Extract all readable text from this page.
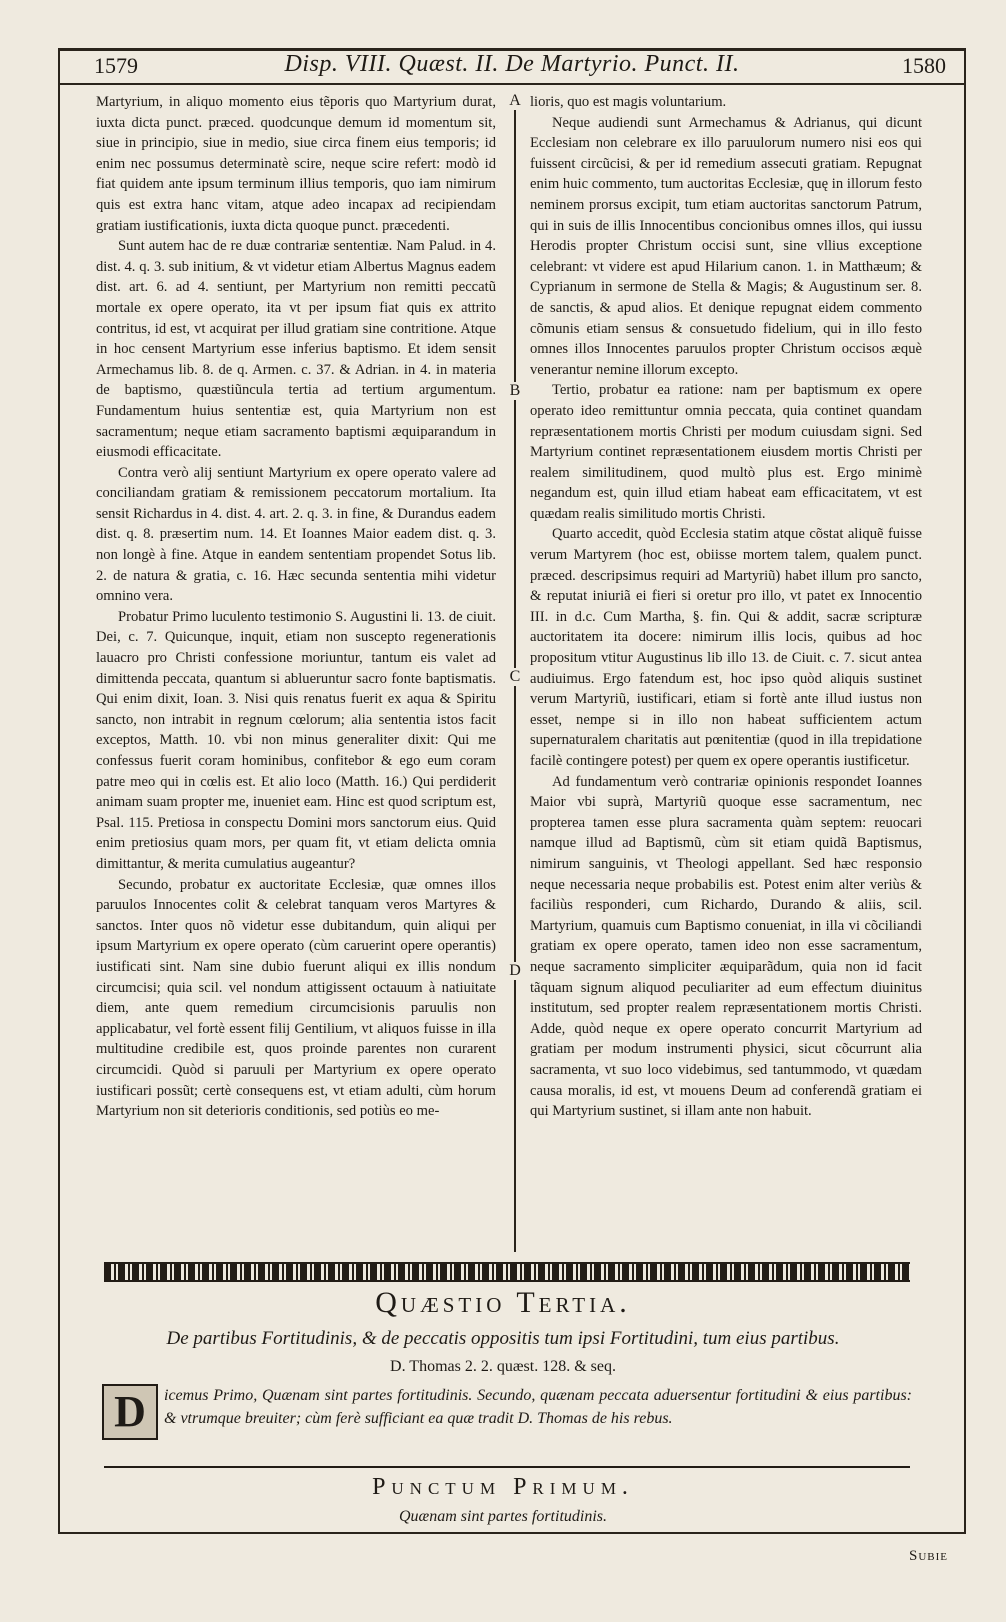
1579	Disp. VIII. Quæst. II. De Martyrio. Punct. II.	1580

Martyrium, in aliquo momento eius tẽporis quo Martyrium durat, iuxta dicta punct. præced. quodcunque demum id momentum sit, siue in principio, siue in medio, siue circa finem eius temporis; id enim nec possumus determinatè scire, neque scire refert: modò id fiat quidem ante ipsum terminum illius temporis, quo iam nimirum quis est extra hanc vitam, atque adeo incapax ad recipiendam gratiam iustificationis, iuxta dicta quoque punct. præcedenti.

Sunt autem hac de re duæ contrariæ sententiæ. Nam Palud. in 4. dist. 4. q. 3. sub initium, & vt videtur etiam Albertus Magnus eadem dist. art. 6. ad 4. sentiunt, per Martyrium non remitti peccatũ mortale ex opere operato, ita vt per ipsum fiat quis ex attrito contritus, id est, vt acquirat per illud gratiam sine contritione. Atque in hoc censent Martyrium esse inferius baptismo. Et idem sensit Armechamus lib. 8. de q. Armen. c. 37. & Adrian. in 4. in materia de baptismo, quæstiũncula tertia ad tertium argumentum. Fundamentum huius sententiæ est, quia Martyrium non est sacramentum; neque etiam sacramento baptismi æquiparandum in eiusmodi efficacitate.

Contra verò alij sentiunt Martyrium ex opere operato valere ad conciliandam gratiam & remissionem peccatorum mortalium. Ita sensit Richardus in 4. dist. 4. art. 2. q. 3. in fine, & Durandus eadem dist. q. 8. præsertim num. 14. Et Ioannes Maior eadem dist. q. 3. non longè à fine. Atque in eandem sententiam propendet Sotus lib. 2. de natura & gratia, c. 16. Hæc secunda sententia mihi videtur omnino vera.

Probatur Primo luculento testimonio S. Augustini li. 13. de ciuit. Dei, c. 7. Quicunque, inquit, etiam non suscepto regenerationis lauacro pro Christi confessione moriuntur, tantum eis valet ad dimittenda peccata, quantum si ablueruntur sacro fonte baptismatis. Qui enim dixit, Ioan. 3. Nisi quis renatus fuerit ex aqua & Spiritu sancto, non intrabit in regnum cœlorum; alia sententia istos facit exceptos, Matth. 10. vbi non minus generaliter dixit: Qui me confessus fuerit coram hominibus, confitebor & ego eum coram patre meo qui in cœlis est. Et alio loco (Matth. 16.) Qui perdiderit animam suam propter me, inueniet eam. Hinc est quod scriptum est, Psal. 115. Pretiosa in conspectu Domini mors sanctorum eius. Quid enim pretiosius quam mors, per quam fit, vt etiam delicta omnia dimittantur, & merita cumulatius augeantur?

Secundo, probatur ex auctoritate Ecclesiæ, quæ omnes illos paruulos Innocentes colit & celebrat tanquam veros Martyres & sanctos. Inter quos nõ videtur esse dubitandum, quin aliqui per ipsum Martyrium ex opere operato (cùm caruerint opere operantis) iustificati sint. Nam sine dubio fuerunt aliqui ex illis nondum circumcisi; quia scil. vel nondum attigissent octauum à natiuitate diem, ante quem remedium circumcisionis paruulis non applicabatur, vel fortè essent filij Gentilium, vt aliquos fuisse in illa multitudine credibile est, quos proinde parentes non curarent circumcidi. Quòd si paruuli per Martyrium ex opere operato iustificari possũt; certè consequens est, vt etiam adulti, cùm horum Martyrium non sit deterioris conditionis, sed potiùs eo me-

A
B
C
D

lioris, quo est magis voluntarium.

Neque audiendi sunt Armechamus & Adrianus, qui dicunt Ecclesiam non celebrare ex illo paruulorum numero nisi eos qui fuissent circũcisi, & per id remedium assecuti gratiam. Repugnat enim huic commento, tum auctoritas Ecclesiæ, quę in illorum festo neminem prorsus excipit, tum etiam auctoritas sanctorum Patrum, qui in suis de illis Innocentibus concionibus omnes illos, qui iussu Herodis propter Christum occisi sunt, sine vllius exceptione celebrant: vt videre est apud Hilarium canon. 1. in Matthæum; & Cyprianum in sermone de Stella & Magis; & Augustinum ser. 8. de sanctis, & apud alios. Et denique repugnat eidem commento cõmunis etiam sensus & consuetudo fidelium, qui in illo festo omnes illos Innocentes paruulos propter Christum occisos æquè venerantur nemine illorum excepto.

Tertio, probatur ea ratione: nam per baptismum ex opere operato ideo remittuntur omnia peccata, quia continet quandam repræsentationem mortis Christi per modum cuiusdam signi. Sed Martyrium continet repræsentationem eiusdem mortis Christi per realem similitudinem, quod multò plus est. Ergo minimè negandum est, quin illud etiam habeat eam efficacitatem, vt est quædam realis similitudo mortis Christi.

Quarto accedit, quòd Ecclesia statim atque cõstat aliquẽ fuisse verum Martyrem (hoc est, obiisse mortem talem, qualem punct. præced. descripsimus requiri ad Martyriũ) habet illum pro sancto, & reputat iniuriã ei fieri si oretur pro illo, vt patet ex Innocentio III. in d.c. Cum Martha, §. fin. Qui & addit, sacræ scripturæ auctoritatem ita docere: nimirum illis locis, quibus ad hoc propositum vtitur Augustinus lib illo 13. de Ciuit. c. 7. sicut antea audiuimus. Ergo fatendum est, hoc ipso quòd aliquis sustinet verum Martyriũ, iustificari, etiam si fortè ante illud iustus non esset, nempe si in illo non habeat sufficientem actum supernaturalem charitatis aut pœnitentiæ (quod in illa trepidatione facilè contingere potest) per quem ex opere operantis iustificetur.

Ad fundamentum verò contrariæ opinionis respondet Ioannes Maior vbi suprà, Martyriũ quoque esse sacramentum, nec propterea tamen esse plura sacramenta quàm septem: reuocari namque illud ad Baptismũ, cùm sit etiam quidã Baptismus, nimirum sanguinis, vt Theologi appellant. Sed hæc responsio neque necessaria neque probabilis est. Potest enim alter veriùs & faciliùs responderi, cum Richardo, Durando & aliis, scil. Martyrium, quamuis cum Baptismo conueniat, in illa vi cõciliandi gratiam ex opere operato, tamen ideo non esse sacramentum, neque sacramento simpliciter æquiparãdum, quia non id facit tãquam signum aliquod peculiariter ad eum effectum diuinitus institutum, sed propter realem repræsentationem mortis Christi. Adde, quòd neque ex opere operato concurrit Martyrium ad gratiam per modum instrumenti physici, sicut cõcurrunt alia sacramenta, vt suo loco videbimus, sed tantummodo, vt quædam causa moralis, id est, vt mouens Deum ad conferendã gratiam ei qui Martyrium sustinet, si illam ante non habuit.

Quæstio Tertia.
De partibus Fortitudinis, & de peccatis oppositis tum ipsi Fortitudini, tum eius partibus.
D. Thomas 2. 2. quæst. 128. & seq.
D	icemus Primo, Quænam sint partes fortitudinis. Secundo, quænam peccata aduersentur fortitudini & eius partibus: & vtrumque breuiter; cùm ferè sufficiant ea quæ tradit D. Thomas de his rebus.
Punctum Primum.
Quænam sint partes fortitudinis.
Subie
